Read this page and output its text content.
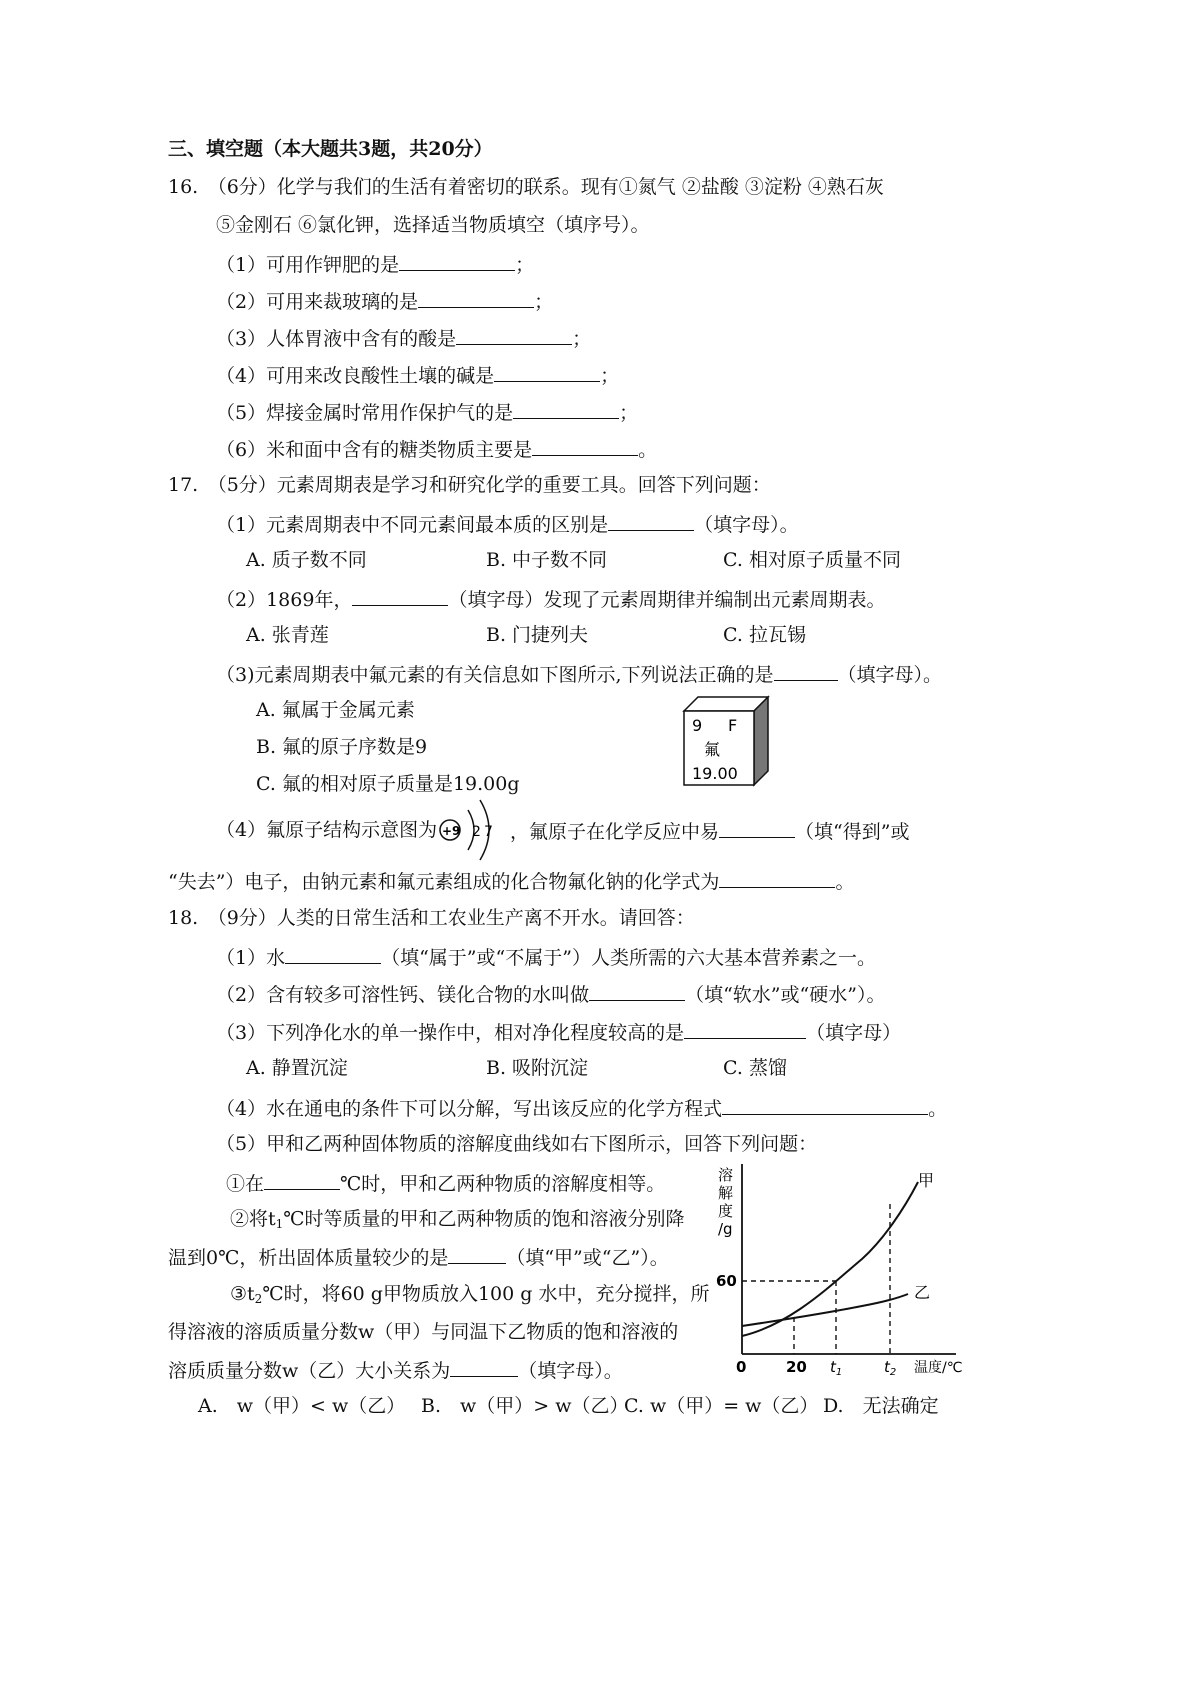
三、填空题（本大题共3题，共20分）
16.　（6分）化学与我们的生活有着密切的联系。现有①氮气 ②盐酸 ③淀粉 ④熟石灰
⑤金刚石 ⑥氯化钾，选择适当物质填空（填序号）。
（1）可用作钾肥的是	；
（2）可用来裁玻璃的是	；
（3）人体胃液中含有的酸是	；
（4）可用来改良酸性土壤的碱是	；
（5）焊接金属时常用作保护气的是	；
（6）米和面中含有的糖类物质主要是	。
17.　（5分）元素周期表是学习和研究化学的重要工具。回答下列问题：
（1）元素周期表中不同元素间最本质的区别是	（填字母）。
A. 质子数不同	B. 中子数不同	C. 相对原子质量不同
（2）1869年，	（填字母）发现了元素周期律并编制出元素周期表。
A. 张青莲	B. 门捷列夫	C. 拉瓦锡
（3)元素周期表中氟元素的有关信息如下图所示,下列说法正确的是	（填字母）。
A. 氟属于金属元素
B. 氟的原子序数是9
C. 氟的相对原子质量是19.00g
9 F
氟
19.00
（4）氟原子结构示意图为 +9 2 7 ，氟原子在化学反应中易	（填“得到”或
“失去”）电子，由钠元素和氟元素组成的化合物氟化钠的化学式为	。
18.　（9分）人类的日常生活和工农业生产离不开水。请回答：
（1）水	（填“属于”或“不属于”）人类所需的六大基本营养素之一。
（2）含有较多可溶性钙、镁化合物的水叫做	（填“软水”或“硬水”）。
（3）下列净化水的单一操作中，相对净化程度较高的是	（填字母）
A. 静置沉淀	B. 吸附沉淀	C. 蒸馏
（4）水在通电的条件下可以分解，写出该反应的化学方程式	。
（5）甲和乙两种固体物质的溶解度曲线如右下图所示，回答下列问题：
①在	℃时，甲和乙两种物质的溶解度相等。
②将$t_1℃$时等质量的甲和乙两种物质的饱和溶液分别降
温到0℃，析出固体质量较少的是	（填“甲”或“乙”）。
$③t_2℃$时，将60 g甲物质放入100 g 水中，充分搅拌，所
得溶液的溶质质量分数w（甲）与同温下乙物质的饱和溶液的
溶质质量分数w（乙）大小关系为	（填字母）。
A.　w（甲）< w（乙） B.　w（甲）> w（乙）
C. w（甲）= w（乙） D.　无法确定
溶
解
度
/g
甲
乙
60
0	20 $t_1$	$t_2$ 温度/℃
